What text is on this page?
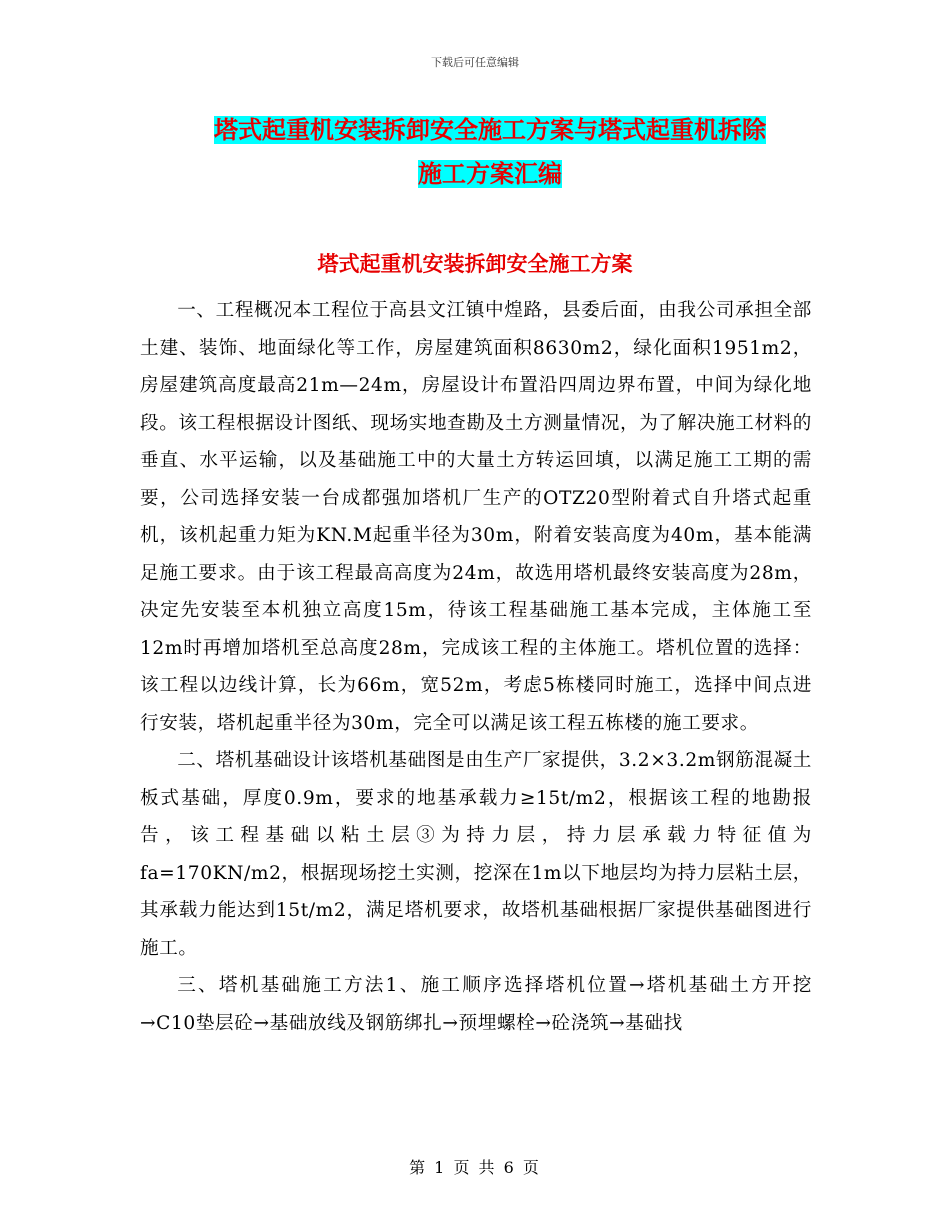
下载后可任意编辑
塔式起重机安装拆卸安全施工方案与塔式起重机拆除
施工方案汇编
塔式起重机安装拆卸安全施工方案

一、工程概况本工程位于高县文江镇中煌路，县委后面，由我公司承担全部土建、装饰、地面绿化等工作，房屋建筑面积8630m2，绿化面积1951m2，房屋建筑高度最高21m—24m，房屋设计布置沿四周边界布置，中间为绿化地段。该工程根据设计图纸、现场实地查勘及土方测量情况，为了解决施工材料的垂直、水平运输，以及基础施工中的大量土方转运回填，以满足施工工期的需要，公司选择安装一台成都强加塔机厂生产的OTZ20型附着式自升塔式起重机，该机起重力矩为KN.M起重半径为30m，附着安装高度为40m，基本能满足施工要求。由于该工程最高高度为24m，故选用塔机最终安装高度为28m，决定先安装至本机独立高度15m，待该工程基础施工基本完成，主体施工至12m时再增加塔机至总高度28m，完成该工程的主体施工。塔机位置的选择：该工程以边线计算，长为66m，宽52m，考虑5栋楼同时施工，选择中间点进行安装，塔机起重半径为30m，完全可以满足该工程五栋楼的施工要求。

二、塔机基础设计该塔机基础图是由生产厂家提供，3.2×3.2m钢筋混凝土板式基础，厚度0.9m，要求的地基承载力≥15t/m2，根据该工程的地勘报告，该工程基础以粘土层③为持力层，持力层承载力特征值为fa=170KN/m2，根据现场挖土实测，挖深在1m以下地层均为持力层粘土层，其承载力能达到15t/m2，满足塔机要求，故塔机基础根据厂家提供基础图进行施工。

三、塔机基础施工方法1、施工顺序选择塔机位置→塔机基础土方开挖→C10垫层砼→基础放线及钢筋绑扎→预埋螺栓→砼浇筑→基础找

第 1 页 共 6 页
